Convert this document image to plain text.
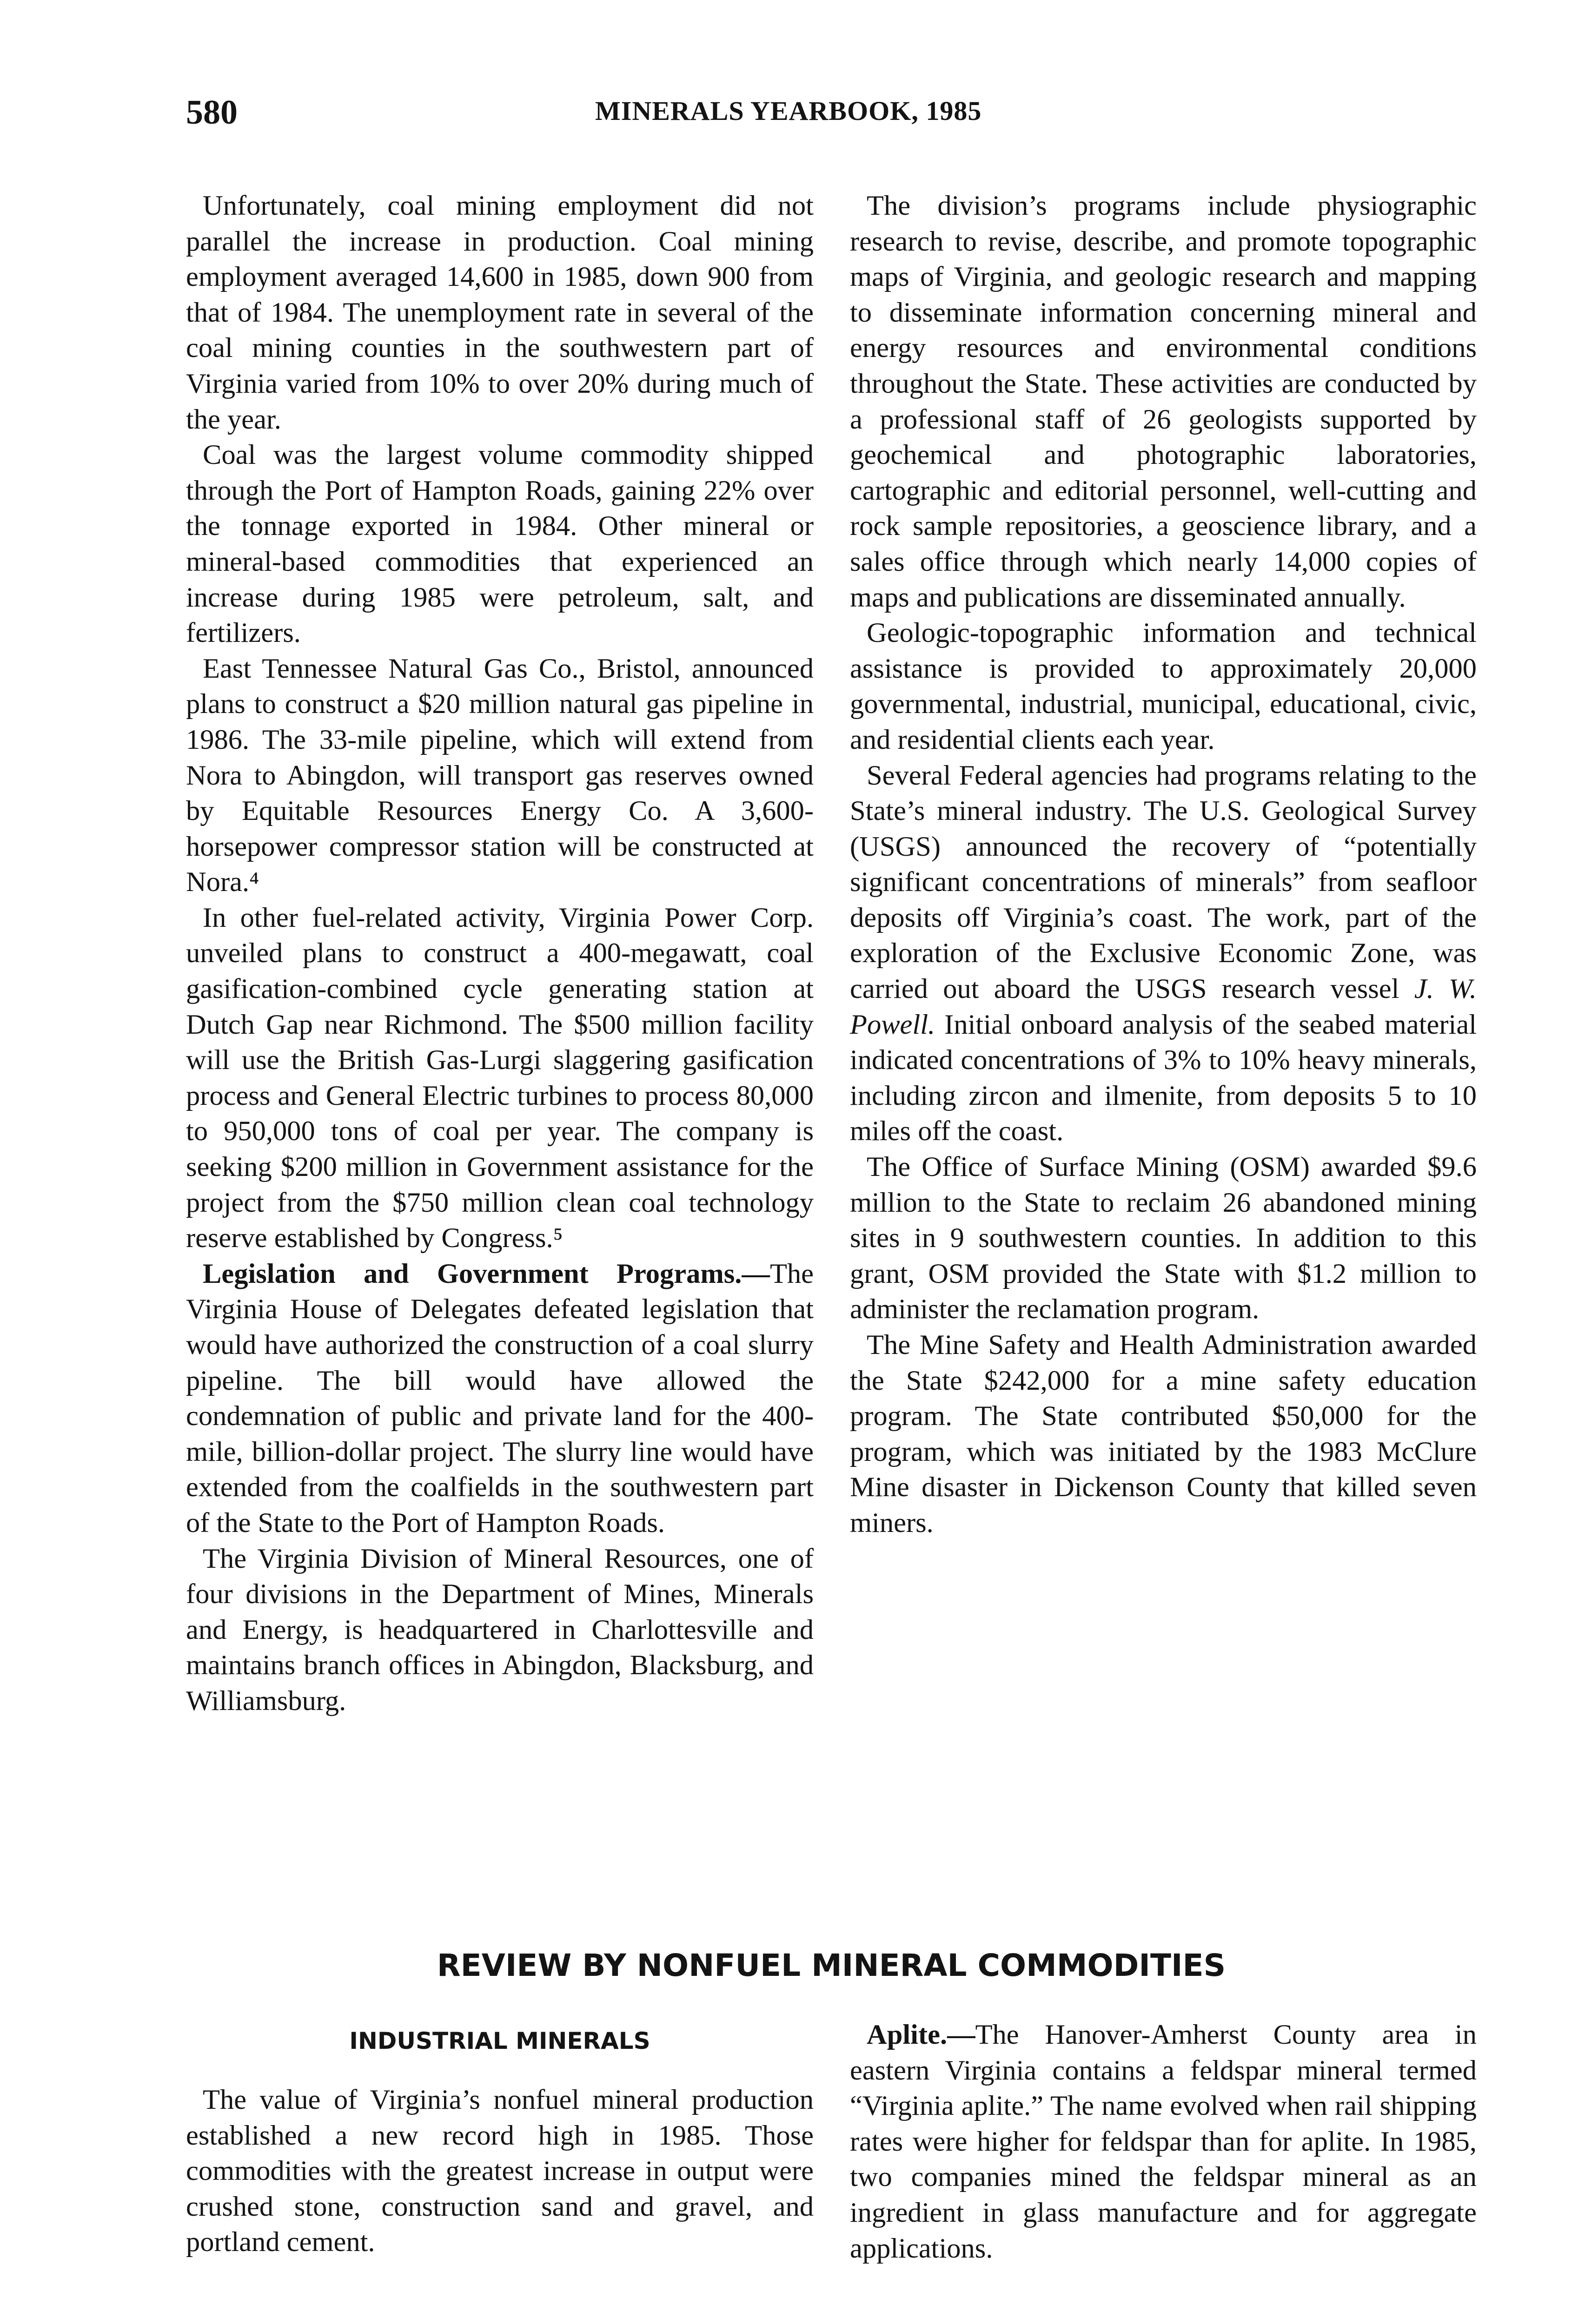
580	MINERALS YEARBOOK, 1985

Unfortunately, coal mining employment did not parallel the increase in production. Coal mining employment averaged 14,600 in 1985, down 900 from that of 1984. The unemployment rate in several of the coal mining counties in the southwestern part of Virginia varied from 10% to over 20% during much of the year.

Coal was the largest volume commodity shipped through the Port of Hampton Roads, gaining 22% over the tonnage exported in 1984. Other mineral or mineral-based commodities that experienced an increase during 1985 were petroleum, salt, and fertilizers.

East Tennessee Natural Gas Co., Bristol, announced plans to construct a $20 million natural gas pipeline in 1986. The 33-mile pipeline, which will extend from Nora to Abingdon, will transport gas reserves owned by Equitable Resources Energy Co. A 3,600-horsepower compressor station will be constructed at Nora.⁴

In other fuel-related activity, Virginia Power Corp. unveiled plans to construct a 400-megawatt, coal gasification-combined cycle generating station at Dutch Gap near Richmond. The $500 million facility will use the British Gas-Lurgi slaggering gasification process and General Electric turbines to process 80,000 to 950,000 tons of coal per year. The company is seeking $200 million in Government assistance for the project from the $750 million clean coal technology reserve established by Congress.⁵

Legislation and Government Programs.—The Virginia House of Delegates defeated legislation that would have authorized the construction of a coal slurry pipeline. The bill would have allowed the condemnation of public and private land for the 400-mile, billion-dollar project. The slurry line would have extended from the coalfields in the southwestern part of the State to the Port of Hampton Roads.

The Virginia Division of Mineral Resources, one of four divisions in the Department of Mines, Minerals and Energy, is headquartered in Charlottesville and maintains branch offices in Abingdon, Blacksburg, and Williamsburg.

The division’s programs include physiographic research to revise, describe, and promote topographic maps of Virginia, and geologic research and mapping to disseminate information concerning mineral and energy resources and environmental conditions throughout the State. These activities are conducted by a professional staff of 26 geologists supported by geochemical and photographic laboratories, cartographic and editorial personnel, well-cutting and rock sample repositories, a geoscience library, and a sales office through which nearly 14,000 copies of maps and publications are disseminated annually.

Geologic-topographic information and technical assistance is provided to approximately 20,000 governmental, industrial, municipal, educational, civic, and residential clients each year.

Several Federal agencies had programs relating to the State’s mineral industry. The U.S. Geological Survey (USGS) announced the recovery of “potentially significant concentrations of minerals” from seafloor deposits off Virginia’s coast. The work, part of the exploration of the Exclusive Economic Zone, was carried out aboard the USGS research vessel J. W. Powell. Initial onboard analysis of the seabed material indicated concentrations of 3% to 10% heavy minerals, including zircon and ilmenite, from deposits 5 to 10 miles off the coast.

The Office of Surface Mining (OSM) awarded $9.6 million to the State to reclaim 26 abandoned mining sites in 9 southwestern counties. In addition to this grant, OSM provided the State with $1.2 million to administer the reclamation program.

The Mine Safety and Health Administration awarded the State $242,000 for a mine safety education program. The State contributed $50,000 for the program, which was initiated by the 1983 McClure Mine disaster in Dickenson County that killed seven miners.

REVIEW BY NONFUEL MINERAL COMMODITIES
INDUSTRIAL MINERALS

The value of Virginia’s nonfuel mineral production established a new record high in 1985. Those commodities with the greatest increase in output were crushed stone, construction sand and gravel, and portland cement.

Aplite.—The Hanover-Amherst County area in eastern Virginia contains a feldspar mineral termed “Virginia aplite.” The name evolved when rail shipping rates were higher for feldspar than for aplite. In 1985, two companies mined the feldspar mineral as an ingredient in glass manufacture and for aggregate applications.
